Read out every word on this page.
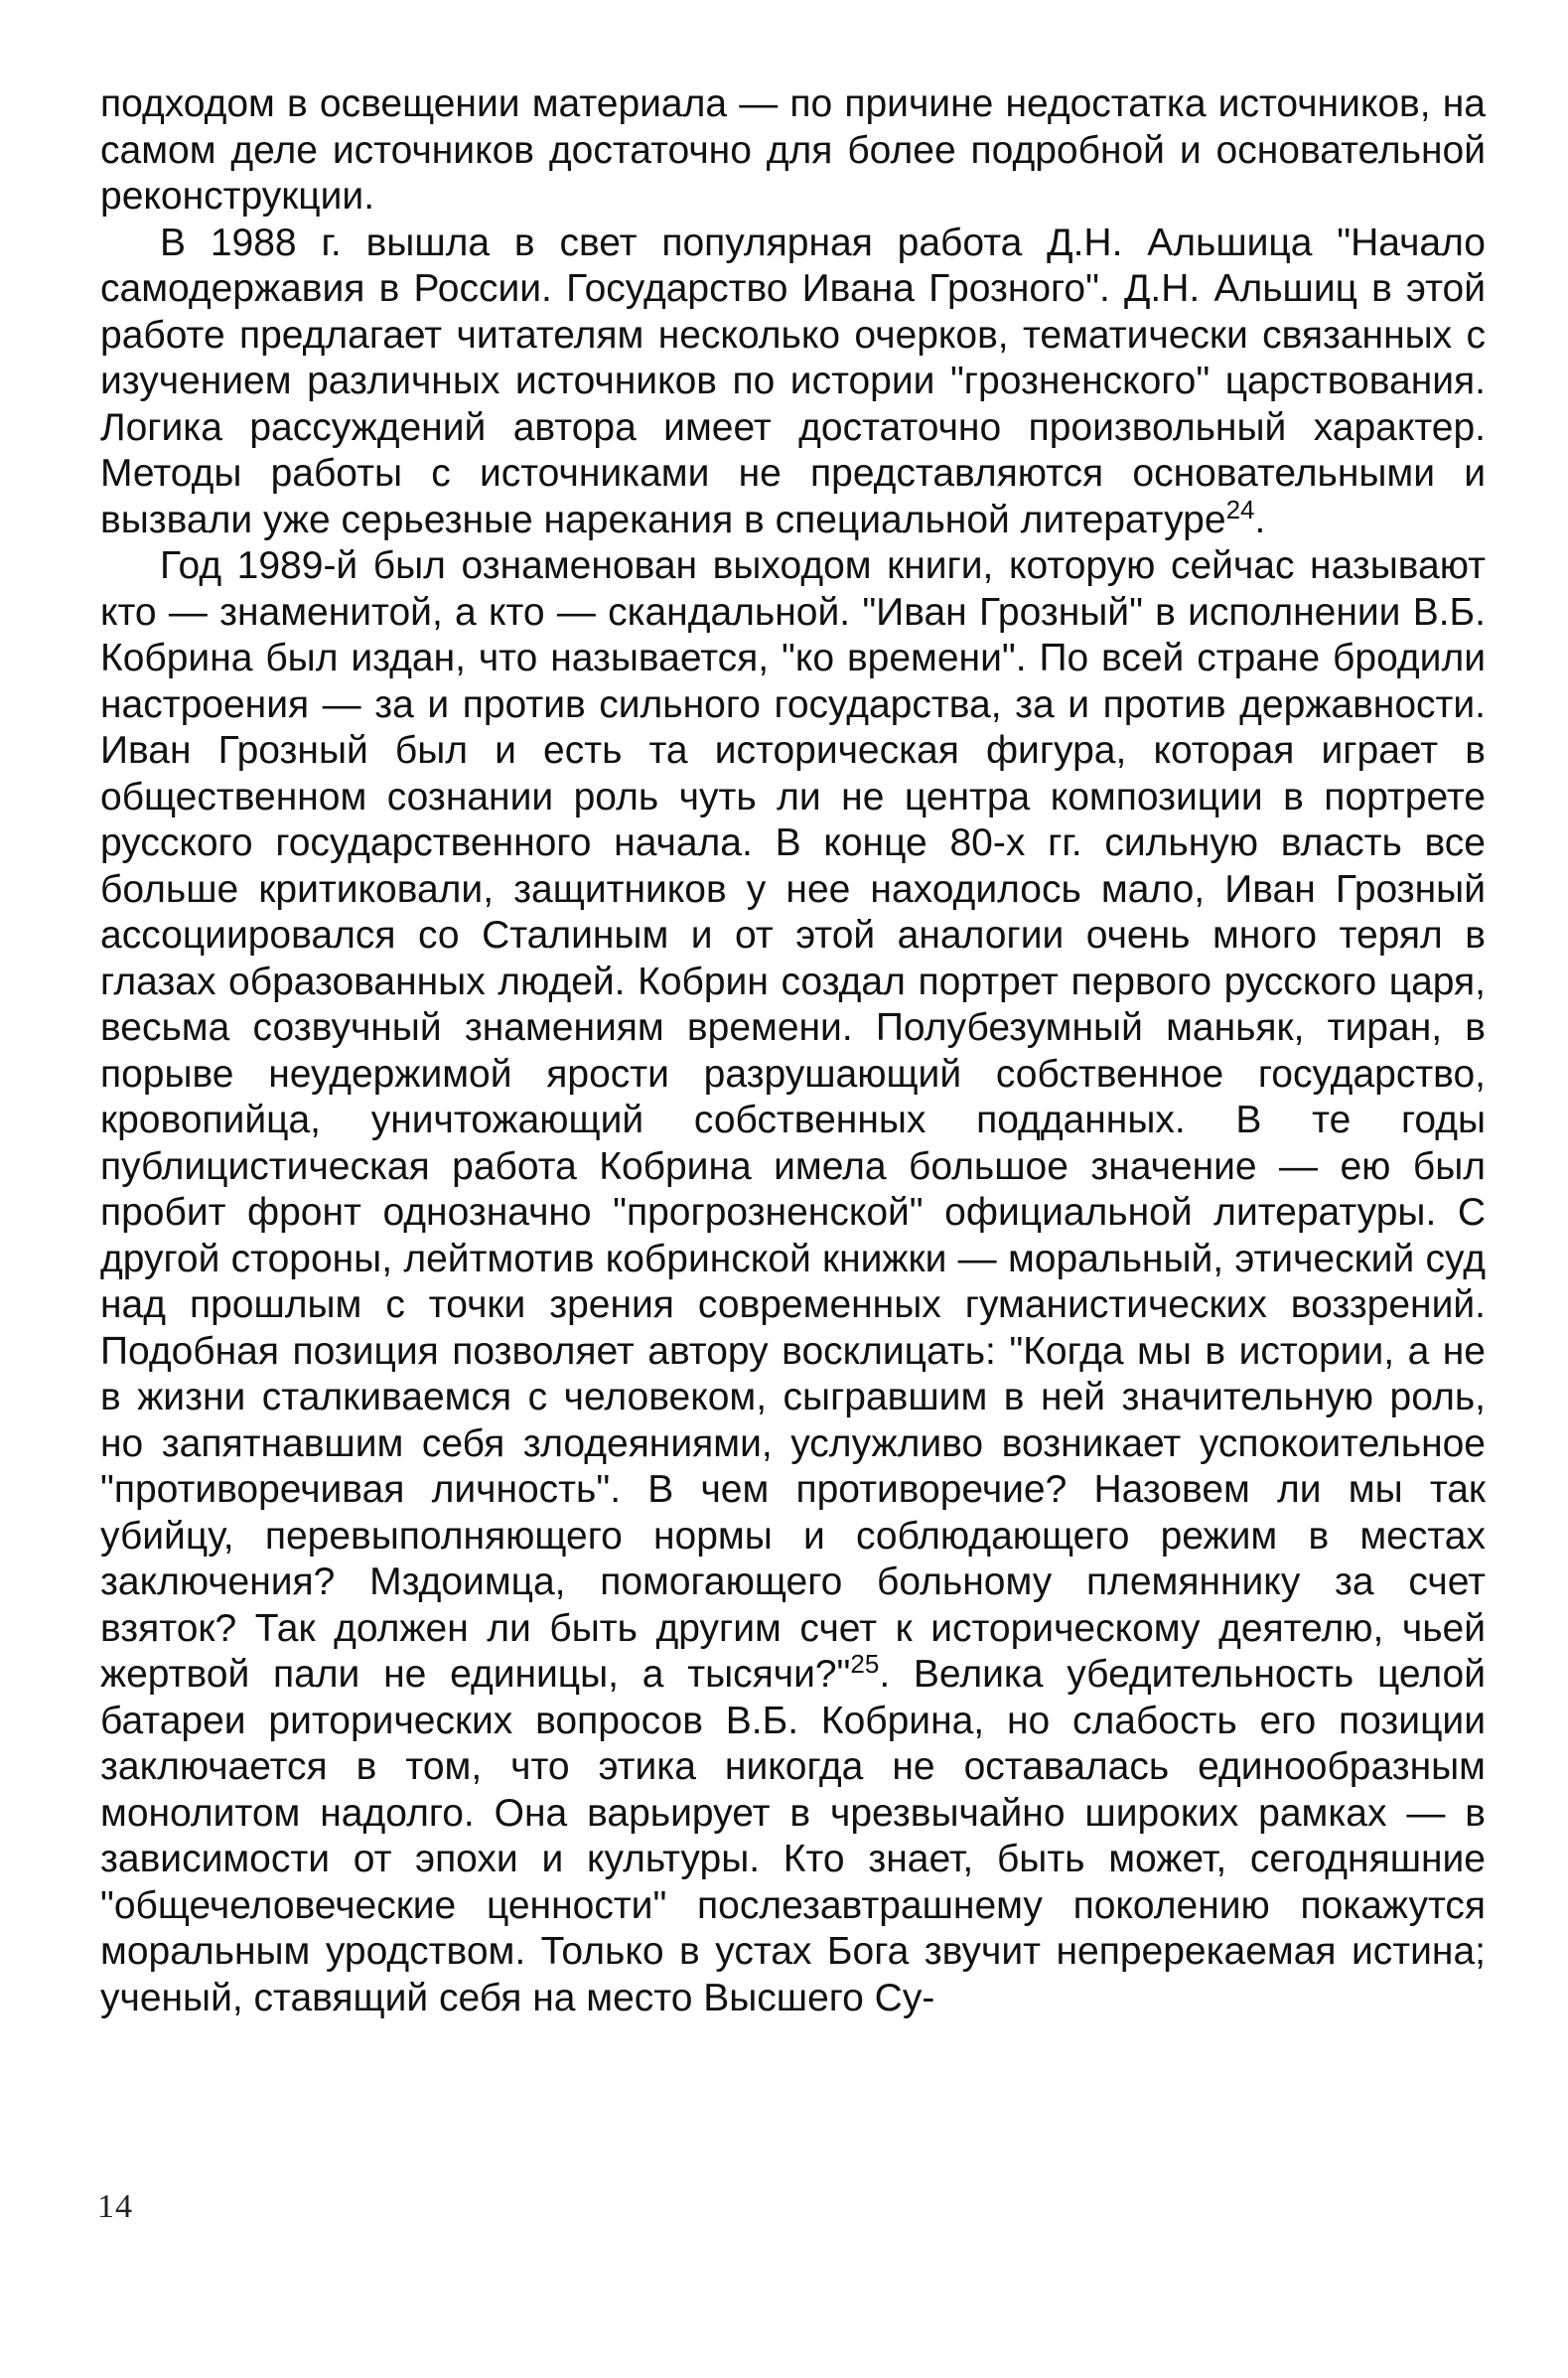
подходом в освещении материала — по причине недостатка источников, на самом деле источников достаточно для более подробной и основательной реконструкции.

В 1988 г. вышла в свет популярная работа Д.Н. Альшица "Начало самодержавия в России. Государство Ивана Грозного". Д.Н. Альшиц в этой работе предлагает читателям несколько очерков, тематически связанных с изучением различных источников по истории "грозненского" царствования. Логика рассуждений автора имеет достаточно произвольный характер. Методы работы с источниками не представляются основательными и вызвали уже серьезные нарекания в специальной литературе$^{24}$.

Год 1989-й был ознаменован выходом книги, которую сейчас называют кто — знаменитой, а кто — скандальной. "Иван Грозный" в исполнении В.Б. Кобрина был издан, что называется, "ко времени". По всей стране бродили настроения — за и против сильного государства, за и против державности. Иван Грозный был и есть та историческая фигура, которая играет в общественном сознании роль чуть ли не центра композиции в портрете русского государственного начала. В конце 80-х гг. сильную власть все больше критиковали, защитников у нее находилось мало, Иван Грозный ассоциировался со Сталиным и от этой аналогии очень много терял в глазах образованных людей. Кобрин создал портрет первого русского царя, весьма созвучный знамениям времени. Полубезумный маньяк, тиран, в порыве неудержимой ярости разрушающий собственное государство, кровопийца, уничтожающий собственных подданных. В те годы публицистическая работа Кобрина имела большое значение — ею был пробит фронт однозначно "прогрозненской" официальной литературы. С другой стороны, лейтмотив кобринской книжки — моральный, этический суд над прошлым с точки зрения современных гуманистических воззрений. Подобная позиция позволяет автору восклицать: "Когда мы в истории, а не в жизни сталкиваемся с человеком, сыгравшим в ней значительную роль, но запятнавшим себя злодеяниями, услужливо возникает успокоительное "противоречивая личность". В чем противоречие? Назовем ли мы так убийцу, перевыполняющего нормы и соблюдающего режим в местах заключения? Мздоимца, помогающего больному племяннику за счет взяток? Так должен ли быть другим счет к историческому деятелю, чьей жертвой пали не единицы, а тысячи?"$^{25}$. Велика убедительность целой батареи риторических вопросов В.Б. Кобрина, но слабость его позиции заключается в том, что этика никогда не оставалась единообразным монолитом надолго. Она варьирует в чрезвычайно широких рамках — в зависимости от эпохи и культуры. Кто знает, быть может, сегодняшние "общечеловеческие ценности" послезавтрашнему поколению покажутся моральным уродством. Только в устах Бога звучит непререкаемая истина; ученый, ставящий себя на место Высшего Су-

14
